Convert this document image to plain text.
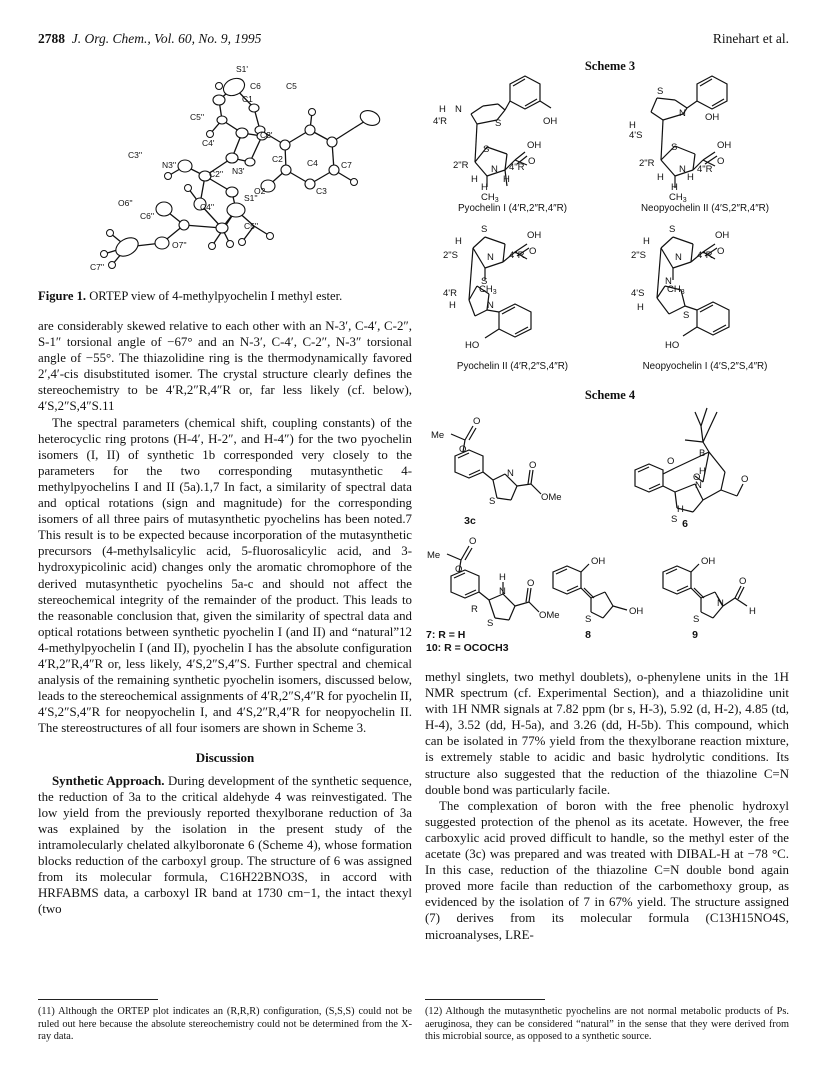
2788 J. Org. Chem., Vol. 60, No. 9, 1995	Rinehart et al.
S1'
C6	C5
C5''
C1
C4'
C2'
C4	C7
C3
N3'
C2
C3''
N3''
C2''
O2
O6''	C4''
S1''
C6''
O7''
C5''
C7''
Figure 1. ORTEP view of 4-methylpyochelin I methyl ester.

are considerably skewed relative to each other with an N-3′, C-4′, C-2″, S-1″ torsional angle of −67° and an N-3′, C-4′, C-2″, N-3″ torsional angle of −55°. The thiazolidine ring is the thermodynamically favored 2′,4′-cis disubstituted isomer. The crystal structure clearly defines the stereochemistry to be 4′R,2″R,4″R or, far less likely (cf. below), 4′S,2″S,4″S.11

The spectral parameters (chemical shift, coupling constants) of the heterocyclic ring protons (H-4′, H-2″, and H-4″) for the two pyochelin isomers (I, II) of synthetic 1b corresponded very closely to the parameters for the two corresponding mutasynthetic 4-methylpyochelins I and II (5a).1,7 In fact, a similarity of spectral data and optical rotations (sign and magnitude) for the corresponding isomers of all three pairs of mutasynthetic pyochelins has been noted.7 This result is to be expected because incorporation of the mutasynthetic precursors (4-methylsalicylic acid, 5-fluorosalicylic acid, and 3-hydroxypicolinic acid) changes only the aromatic chromophore of the derived mutasynthetic pyochelins 5a-c and should not affect the stereochemical integrity of the remainder of the product. This leads to the reasonable conclusion that, given the similarity of spectral data and optical rotations between synthetic pyochelin I (and II) and “natural”12 4-methylpyochelin I (and II), pyochelin I has the absolute configuration 4′R,2″R,4″R or, less likely, 4′S,2″S,4″S. Further spectral and chemical analysis of the remaining synthetic pyochelin isomers, discussed below, leads to the stereochemical assignments of 4′R,2″S,4″R for pyochelin II, 4′S,2″S,4″R for neopyochelin I, and 4′S,2″R,4″R for neopyochelin II. The stereostructures of all four isomers are shown in Scheme 3.

Discussion

Synthetic Approach. During development of the synthetic sequence, the reduction of 3a to the critical aldehyde 4 was reinvestigated. The low yield from the previously reported thexylborane reduction of 3a was explained by the isolation in the present study of the intramolecularly chelated alkylboronate 6 (Scheme 4), whose formation blocks reduction of the carboxyl group. The structure of 6 was assigned from its molecular formula, C16H22BNO3S, in accord with HRFABMS data, a carboxyl IR band at 1730 cm−1, the intact thexyl (two

(11) Although the ORTEP plot indicates an (R,R,R) configuration, (S,S,S) could not be ruled out here because the absolute stereochemistry could not be determined from the X-ray data.
Scheme 3
H N
4'R	S	OH
S	OH
O
2"R N 4"R
H
H
H
$CH_3$
S
N OH
H
4'S
S	OH
O
2"R
N 4"R
H
H
H
$CH_3$
S
H
OH
O
2"S	N 4"R
$CH_3$
4'R
S
H	N
HO
S
H
OH
O
2"S	N 4"R
$CH_3$
4'S
N
H
S
HO
Pyochelin I (4′R,2″R,4″R)	Neopyochelin II (4′S,2″R,4″R)
Pyochelin II (4′R,2″S,4″R)	Neopyochelin I (4′S,2″S,4″R)
Scheme 4
Me
O
O
N
O
S	OMe
B
O
O
H
N
O
H
S
Me
O
O
H
N
O
R
S
OMe
OH
S
OH
OH
S
N
O
H
3c	6
7: R = H
10: R = OCOCH3
8	9

methyl singlets, two methyl doublets), o-phenylene units in the 1H NMR spectrum (cf. Experimental Section), and a thiazolidine unit with 1H NMR signals at 7.82 ppm (br s, H-3), 5.92 (d, H-2), 4.85 (td, H-4), 3.52 (dd, H-5a), and 3.26 (dd, H-5b). This compound, which can be isolated in 77% yield from the thexylborane reaction mixture, is extremely stable to acidic and basic hydrolytic conditions. Its structure also suggested that the reduction of the thiazoline C=N double bond was particularly facile.

The complexation of boron with the free phenolic hydroxyl suggested protection of the phenol as its acetate. However, the free carboxylic acid proved difficult to handle, so the methyl ester of the acetate (3c) was prepared and was treated with DIBAL-H at −78 °C. In this case, reduction of the thiazoline C=N double bond again proved more facile than reduction of the carbomethoxy group, as evidenced by the isolation of 7 in 67% yield. The structure assigned (7) derives from its molecular formula (C13H15NO4S, microanalyses, LRE-

(12) Although the mutasynthetic pyochelins are not normal metabolic products of Ps. aeruginosa, they can be considered “natural” in the sense that they were derived from this microbial source, as opposed to a synthetic source.
